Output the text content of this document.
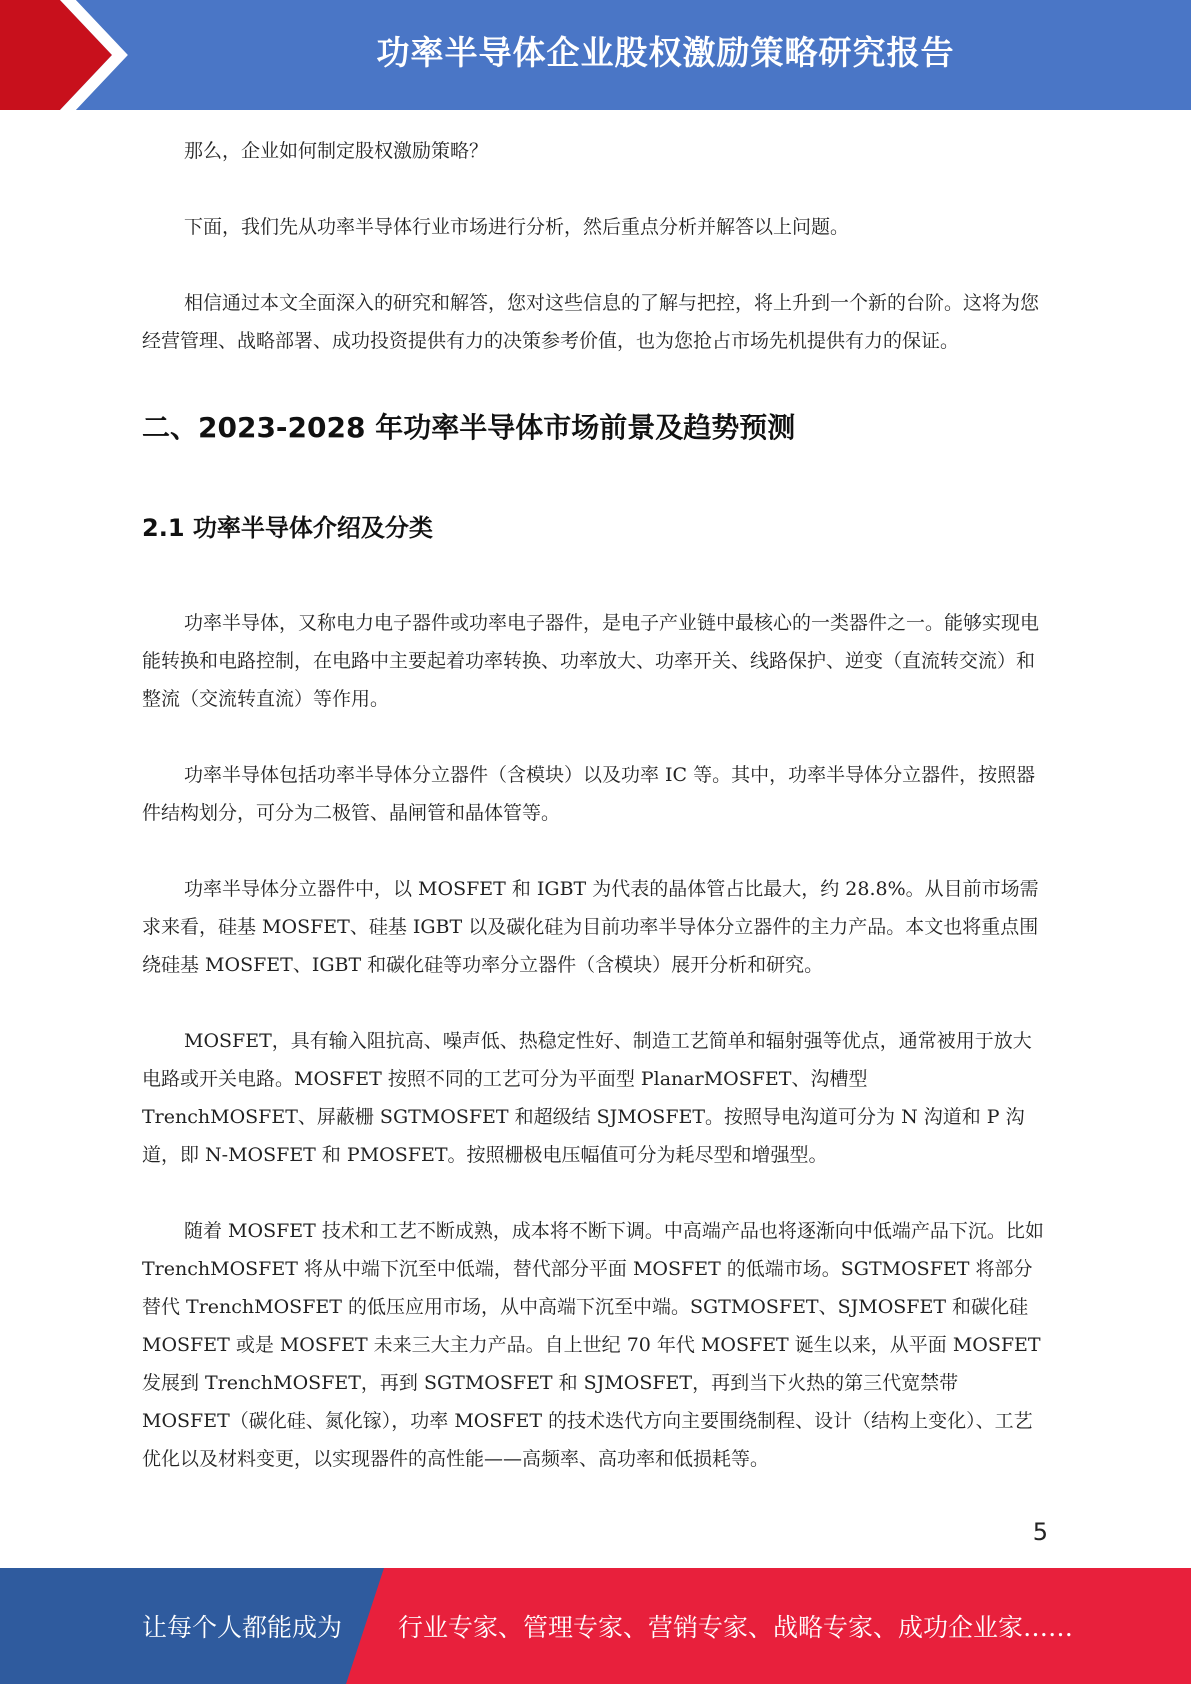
功率半导体企业股权激励策略研究报告

那么，企业如何制定股权激励策略？

下面，我们先从功率半导体行业市场进行分析，然后重点分析并解答以上问题。

相信通过本文全面深入的研究和解答，您对这些信息的了解与把控，将上升到一个新的台阶。这将为您经营管理、战略部署、成功投资提供有力的决策参考价值，也为您抢占市场先机提供有力的保证。

二、2023-2028 年功率半导体市场前景及趋势预测
2.1 功率半导体介绍及分类

功率半导体，又称电力电子器件或功率电子器件，是电子产业链中最核心的一类器件之一。能够实现电能转换和电路控制，在电路中主要起着功率转换、功率放大、功率开关、线路保护、逆变（直流转交流）和整流（交流转直流）等作用。

功率半导体包括功率半导体分立器件（含模块）以及功率 IC 等。其中，功率半导体分立器件，按照器件结构划分，可分为二极管、晶闸管和晶体管等。

功率半导体分立器件中，以 MOSFET 和 IGBT 为代表的晶体管占比最大，约 28.8%。从目前市场需求来看，硅基 MOSFET、硅基 IGBT 以及碳化硅为目前功率半导体分立器件的主力产品。本文也将重点围绕硅基 MOSFET、IGBT 和碳化硅等功率分立器件（含模块）展开分析和研究。

MOSFET，具有输入阻抗高、噪声低、热稳定性好、制造工艺简单和辐射强等优点，通常被用于放大电路或开关电路。MOSFET 按照不同的工艺可分为平面型 PlanarMOSFET、沟槽型 TrenchMOSFET、屏蔽栅 SGTMOSFET 和超级结 SJMOSFET。按照导电沟道可分为 N 沟道和 P 沟道，即 N-MOSFET 和 PMOSFET。按照栅极电压幅值可分为耗尽型和增强型。

随着 MOSFET 技术和工艺不断成熟，成本将不断下调。中高端产品也将逐渐向中低端产品下沉。比如 TrenchMOSFET 将从中端下沉至中低端，替代部分平面 MOSFET 的低端市场。SGTMOSFET 将部分替代 TrenchMOSFET 的低压应用市场，从中高端下沉至中端。SGTMOSFET、SJMOSFET 和碳化硅 MOSFET 或是 MOSFET 未来三大主力产品。自上世纪 70 年代 MOSFET 诞生以来，从平面 MOSFET 发展到 TrenchMOSFET，再到 SGTMOSFET 和 SJMOSFET，再到当下火热的第三代宽禁带 MOSFET（碳化硅、氮化镓），功率 MOSFET 的技术迭代方向主要围绕制程、设计（结构上变化）、工艺优化以及材料变更，以实现器件的高性能——高频率、高功率和低损耗等。

5
让每个人都能成为 行业专家、管理专家、营销专家、战略专家、成功企业家……
